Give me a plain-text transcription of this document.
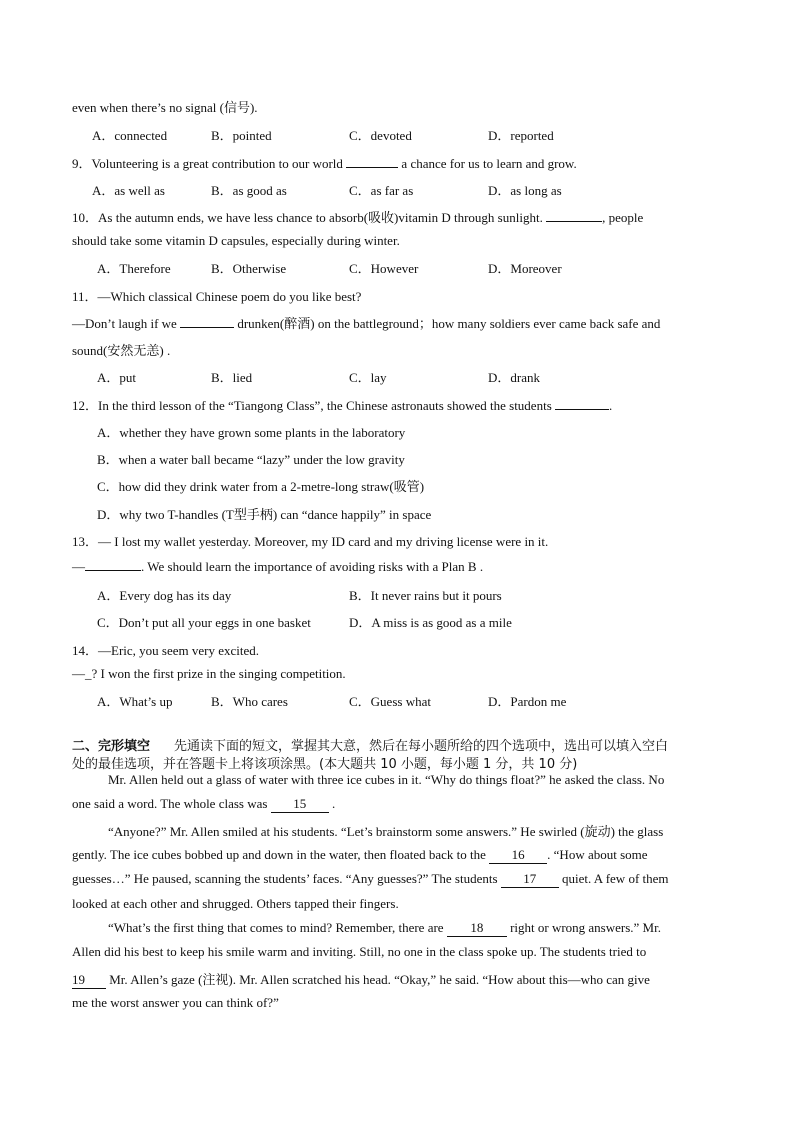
even when there’s no signal (信号).
A．connected	B．pointed	C．devoted	D．reported
9．Volunteering is a great contribution to our world	a chance for us to learn and grow.
A．as well as	B．as good as	C．as far as	D．as long as
10．As the autumn ends, we have less chance to absorb(吸收)vitamin D through sunlight.	, people
should take some vitamin D capsules, especially during winter.
A．Therefore	B．Otherwise	C．However	D．Moreover
11．—Which classical Chinese poem do you like best?
—Don’t laugh if we	drunken(醉酒) on the battleground；how many soldiers ever came back safe and
sound(安然无恙) .
A．put	B．lied	C．lay	D．drank
12．In the third lesson of the “Tiangong Class”, the Chinese astronauts showed the students	.
A．whether they have grown some plants in the laboratory
B．when a water ball became “lazy” under the low gravity
C．how did they drink water from a 2-metre-long straw(吸管)
D．why two T-handles (T型手柄) can “dance happily” in space
13．— I lost my wallet yesterday. Moreover, my ID card and my driving license were in it.
—	. We should learn the importance of avoiding risks with a Plan B .
A．Every dog has its day	B．It never rains but it pours
C．Don’t put all your eggs in one basket	D．A miss is as good as a mile
14．—Eric, you seem very excited.
—_? I won the first prize in the singing competition.
A．What’s up	B．Who cares	C．Guess what	D．Pardon me
二、完形填空 先通读下面的短文，掌握其大意，然后在每小题所给的四个选项中，选出可以填入空白
处的最佳选项，并在答题卡上将该项涂黑。(本大题共 10 小题，每小题 1 分，共 10 分)
Mr. Allen held out a glass of water with three ice cubes in it. “Why do things float?” he asked the class. No
one said a word. The whole class was 15 .
“Anyone?” Mr. Allen smiled at his students. “Let’s brainstorm some answers.” He swirled (旋动) the glass
gently. The ice cubes bobbed up and down in the water, then floated back to the 16 . “How about some
guesses…” He paused, scanning the students’ faces. “Any guesses?” The students 17 quiet. A few of them
looked at each other and shrugged. Others tapped their fingers.
“What’s the first thing that comes to mind? Remember, there are 18 right or wrong answers.” Mr.
Allen did his best to keep his smile warm and inviting. Still, no one in the class spoke up. The students tried to
19 Mr. Allen’s gaze (注视). Mr. Allen scratched his head. “Okay,” he said. “How about this—who can give
me the worst answer you can think of?”
